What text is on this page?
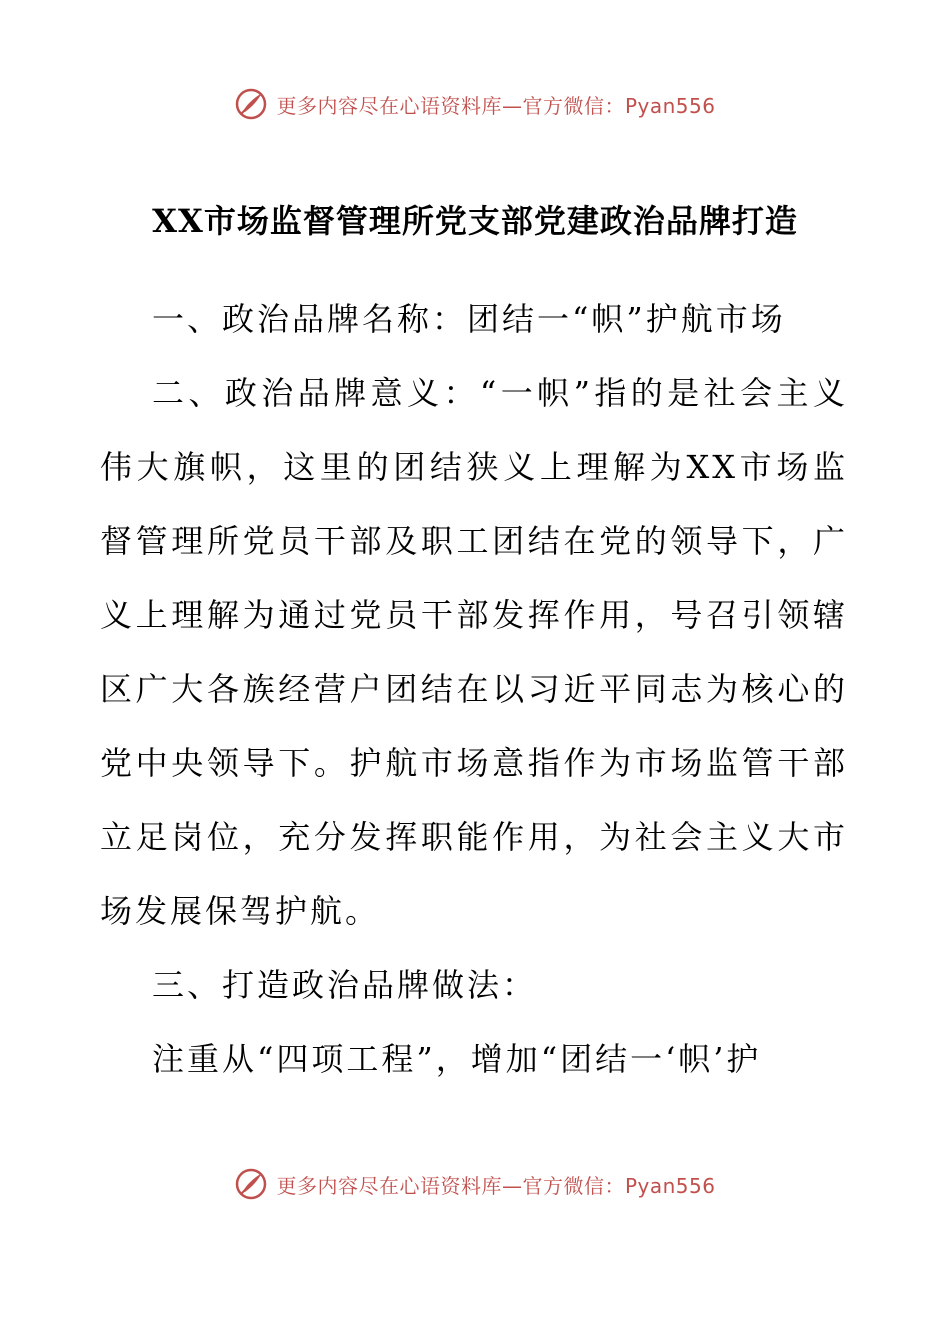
更多内容尽在心语资料库—官方微信：Pyan556
XX市场监督管理所党支部党建政治品牌打造

一、政治品牌名称：团结一“帜”护航市场

二、政治品牌意义：“一帜”指的是社会主义伟大旗帜，这里的团结狭义上理解为XX市场监督管理所党员干部及职工团结在党的领导下，广义上理解为通过党员干部发挥作用，号召引领辖区广大各族经营户团结在以习近平同志为核心的党中央领导下。护航市场意指作为市场监管干部立足岗位，充分发挥职能作用，为社会主义大市场发展保驾护航。

三、打造政治品牌做法：

注重从“四项工程”，增加“团结一‘帜’护

更多内容尽在心语资料库—官方微信：Pyan556
